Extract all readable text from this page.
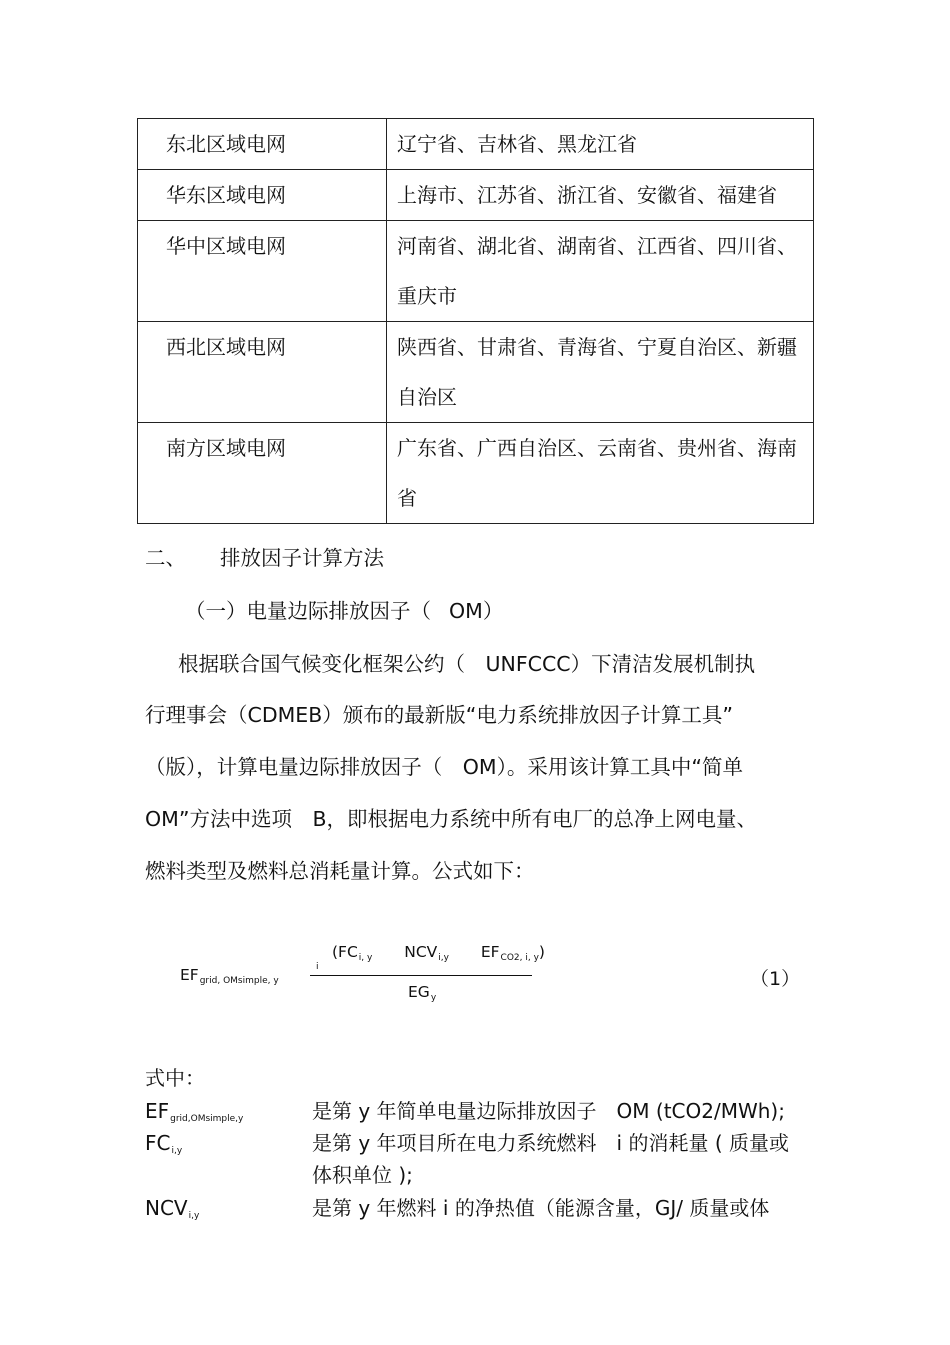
东北区域电网	辽宁省、吉林省、黑龙江省

华东区域电网	上海市、江苏省、浙江省、安徽省、福建省

华中区域电网	河南省、湖北省、湖南省、江西省、四川省、
重庆市

西北区域电网	陕西省、甘肃省、青海省、宁夏自治区、新疆
自治区

南方区域电网	广东省、广西自治区、云南省、贵州省、海南
省
二、 排放因子计算方法
（一）电量边际排放因子（ OM）
根据联合国气候变化框架公约（　UNFCCC）下清洁发展机制执
行理事会（CDMEB）颁布的最新版“电力系统排放因子计算工具”
（版），计算电量边际排放因子（　OM）。采用该计算工具中“简单
OM”方法中选项　B，即根据电力系统中所有电厂的总净上网电量、
燃料类型及燃料总消耗量计算。公式如下：
$EF_{grid, OMsimple, y}$
i
($FC_{i, y}$ $NCV_{i,y}$ $EF_{CO2, i, y}$)
$EG_y$
（1）
式中：
$EF_{grid,OMsimple,y}$	是第 y 年简单电量边际排放因子　OM (tCO2/MWh);
$FC_{i,y}$	是第 y 年项目所在电力系统燃料　i 的消耗量 ( 质量或
体积单位 );
$NCV_{i,y}$	是第 y 年燃料 i 的净热值（能源含量，GJ/ 质量或体
